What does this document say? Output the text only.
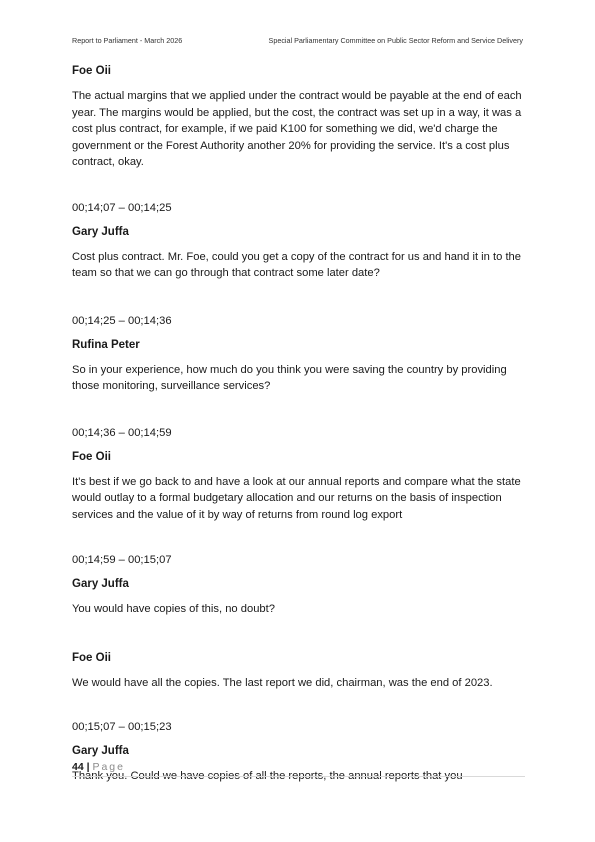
Report to Parliament - March 2026	Special Parliamentary Committee on Public Sector Reform and Service Delivery

Foe Oii

The actual margins that we applied under the contract would be payable at the end of each year. The margins would be applied, but the cost, the contract was set up in a way, it was a cost plus contract, for example, if we paid K100 for something we did, we'd charge the government or the Forest Authority another 20% for providing the service. It's a cost plus contract, okay.

00;14;07 – 00;14;25

Gary Juffa

Cost plus contract. Mr. Foe, could you get a copy of the contract for us and hand it in to the team so that we can go through that contract some later date?

00;14;25 – 00;14;36

Rufina Peter

So in your experience, how much do you think you were saving the country by providing those monitoring, surveillance services?

00;14;36 – 00;14;59

Foe Oii

It's best if we go back to and have a look at our annual reports and compare what the state would outlay to a formal budgetary allocation and our returns on the basis of inspection services and the value of it by way of returns from round log export

00;14;59 – 00;15;07

Gary Juffa

You would have copies of this, no doubt?

Foe Oii

We would have all the copies. The last report we did, chairman, was the end of 2023.

00;15;07 – 00;15;23

Gary Juffa

Thank you. Could we have copies of all the reports, the annual reports that you

44 | Page
